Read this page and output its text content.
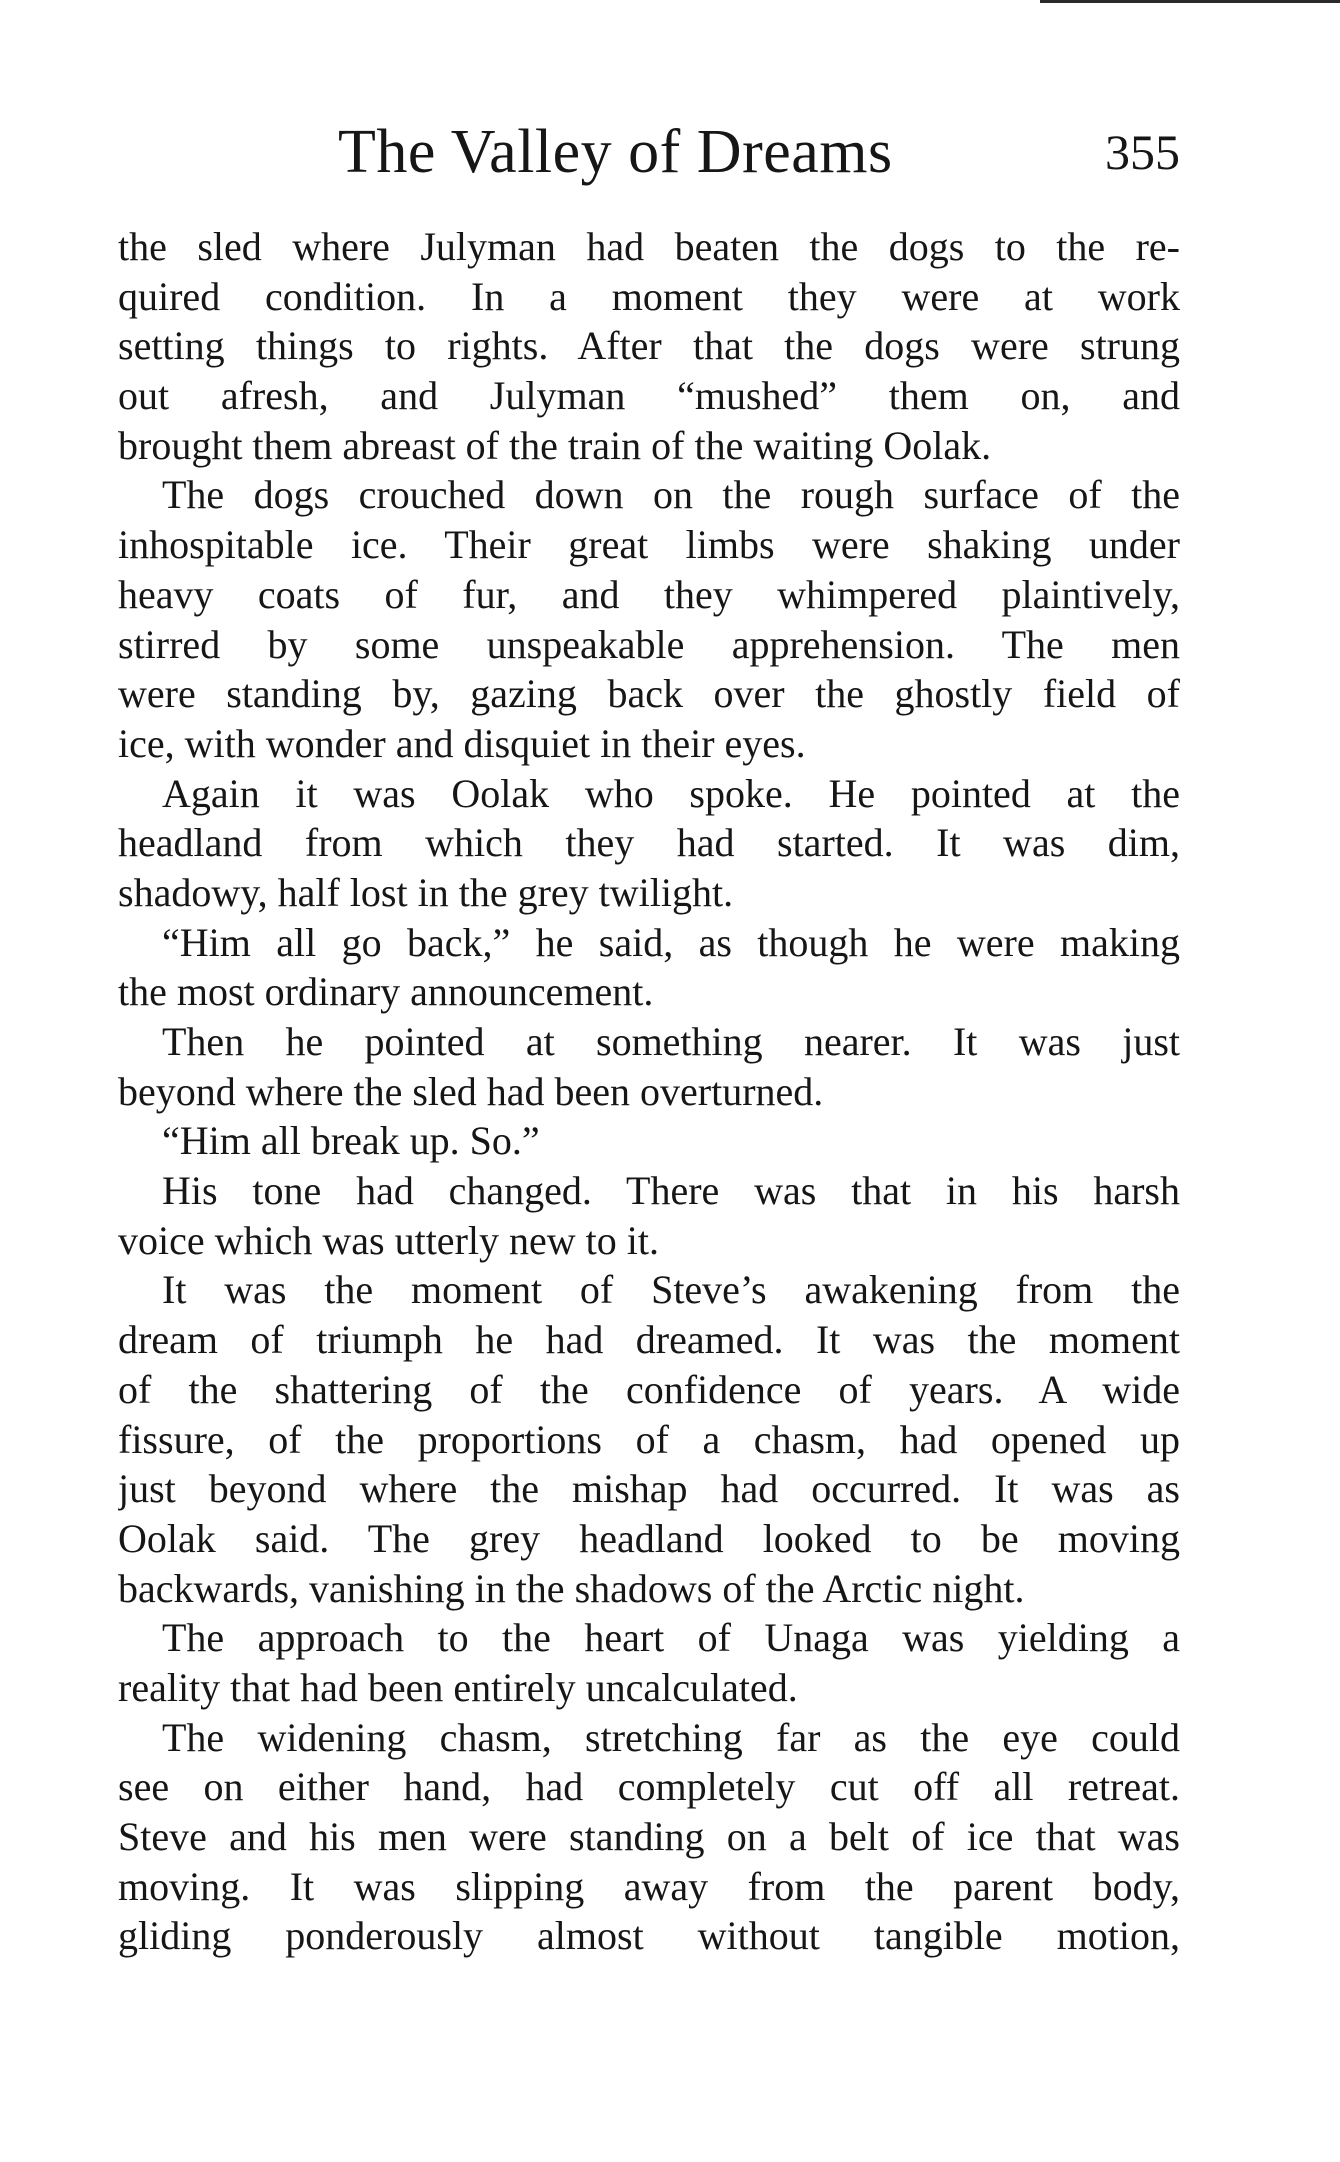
The Valley of Dreams	355
the sled where Julyman had beaten the dogs to the re-
quired condition. In a moment they were at work
setting things to rights. After that the dogs were strung
out afresh, and Julyman “mushed” them on, and
brought them abreast of the train of the waiting Oolak.
The dogs crouched down on the rough surface of the
inhospitable ice. Their great limbs were shaking under
heavy coats of fur, and they whimpered plaintively,
stirred by some unspeakable apprehension. The men
were standing by, gazing back over the ghostly field of
ice, with wonder and disquiet in their eyes.
Again it was Oolak who spoke. He pointed at the
headland from which they had started. It was dim,
shadowy, half lost in the grey twilight.
“Him all go back,” he said, as though he were making
the most ordinary announcement.
Then he pointed at something nearer. It was just
beyond where the sled had been overturned.
“Him all break up. So.”
His tone had changed. There was that in his harsh
voice which was utterly new to it.
It was the moment of Steve’s awakening from the
dream of triumph he had dreamed. It was the moment
of the shattering of the confidence of years. A wide
fissure, of the proportions of a chasm, had opened up
just beyond where the mishap had occurred. It was as
Oolak said. The grey headland looked to be moving
backwards, vanishing in the shadows of the Arctic night.
The approach to the heart of Unaga was yielding a
reality that had been entirely uncalculated.
The widening chasm, stretching far as the eye could
see on either hand, had completely cut off all retreat.
Steve and his men were standing on a belt of ice that was
moving. It was slipping away from the parent body,
gliding ponderously almost without tangible motion,
